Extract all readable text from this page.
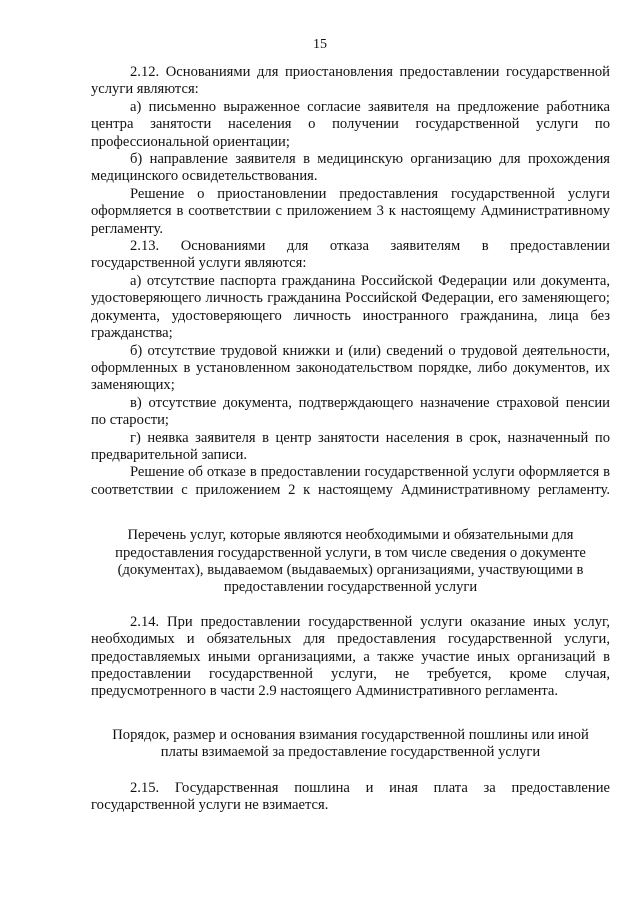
15

2.12. Основаниями для приостановления предоставлении государственной услуги являются:

а) письменно выраженное согласие заявителя на предложение работника центра занятости населения о получении государственной услуги по профессиональной ориентации;

б) направление заявителя в медицинскую организацию для прохождения медицинского освидетельствования.

Решение о приостановлении предоставления государственной услуги оформляется в соответствии с приложением 3 к настоящему Административному регламенту.

2.13. Основаниями для отказа заявителям в предоставлении государственной услуги являются:

а) отсутствие паспорта гражданина Российской Федерации или документа, удостоверяющего личность гражданина Российской Федерации, его заменяющего; документа, удостоверяющего личность иностранного гражданина, лица без гражданства;

б) отсутствие трудовой книжки и (или) сведений о трудовой деятельности, оформленных в установленном законодательством порядке, либо документов, их заменяющих;

в) отсутствие документа, подтверждающего назначение страховой пенсии по старости;

г) неявка заявителя в центр занятости населения в срок, назначенный по предварительной записи.

Решение об отказе в предоставлении государственной услуги оформляется в соответствии с приложением 2 к настоящему Административному регламенту.

Перечень услуг, которые являются необходимыми и обязательными для предоставления государственной услуги, в том числе сведения о документе (документах), выдаваемом (выдаваемых) организациями, участвующими в предоставлении государственной услуги

2.14. При предоставлении государственной услуги оказание иных услуг, необходимых и обязательных для предоставления государственной услуги, предоставляемых иными организациями, а также участие иных организаций в предоставлении государственной услуги, не требуется, кроме случая, предусмотренного в части 2.9 настоящего Административного регламента.

Порядок, размер и основания взимания государственной пошлины или иной платы взимаемой за предоставление государственной услуги

2.15. Государственная пошлина и иная плата за предоставление государственной услуги не взимается.
